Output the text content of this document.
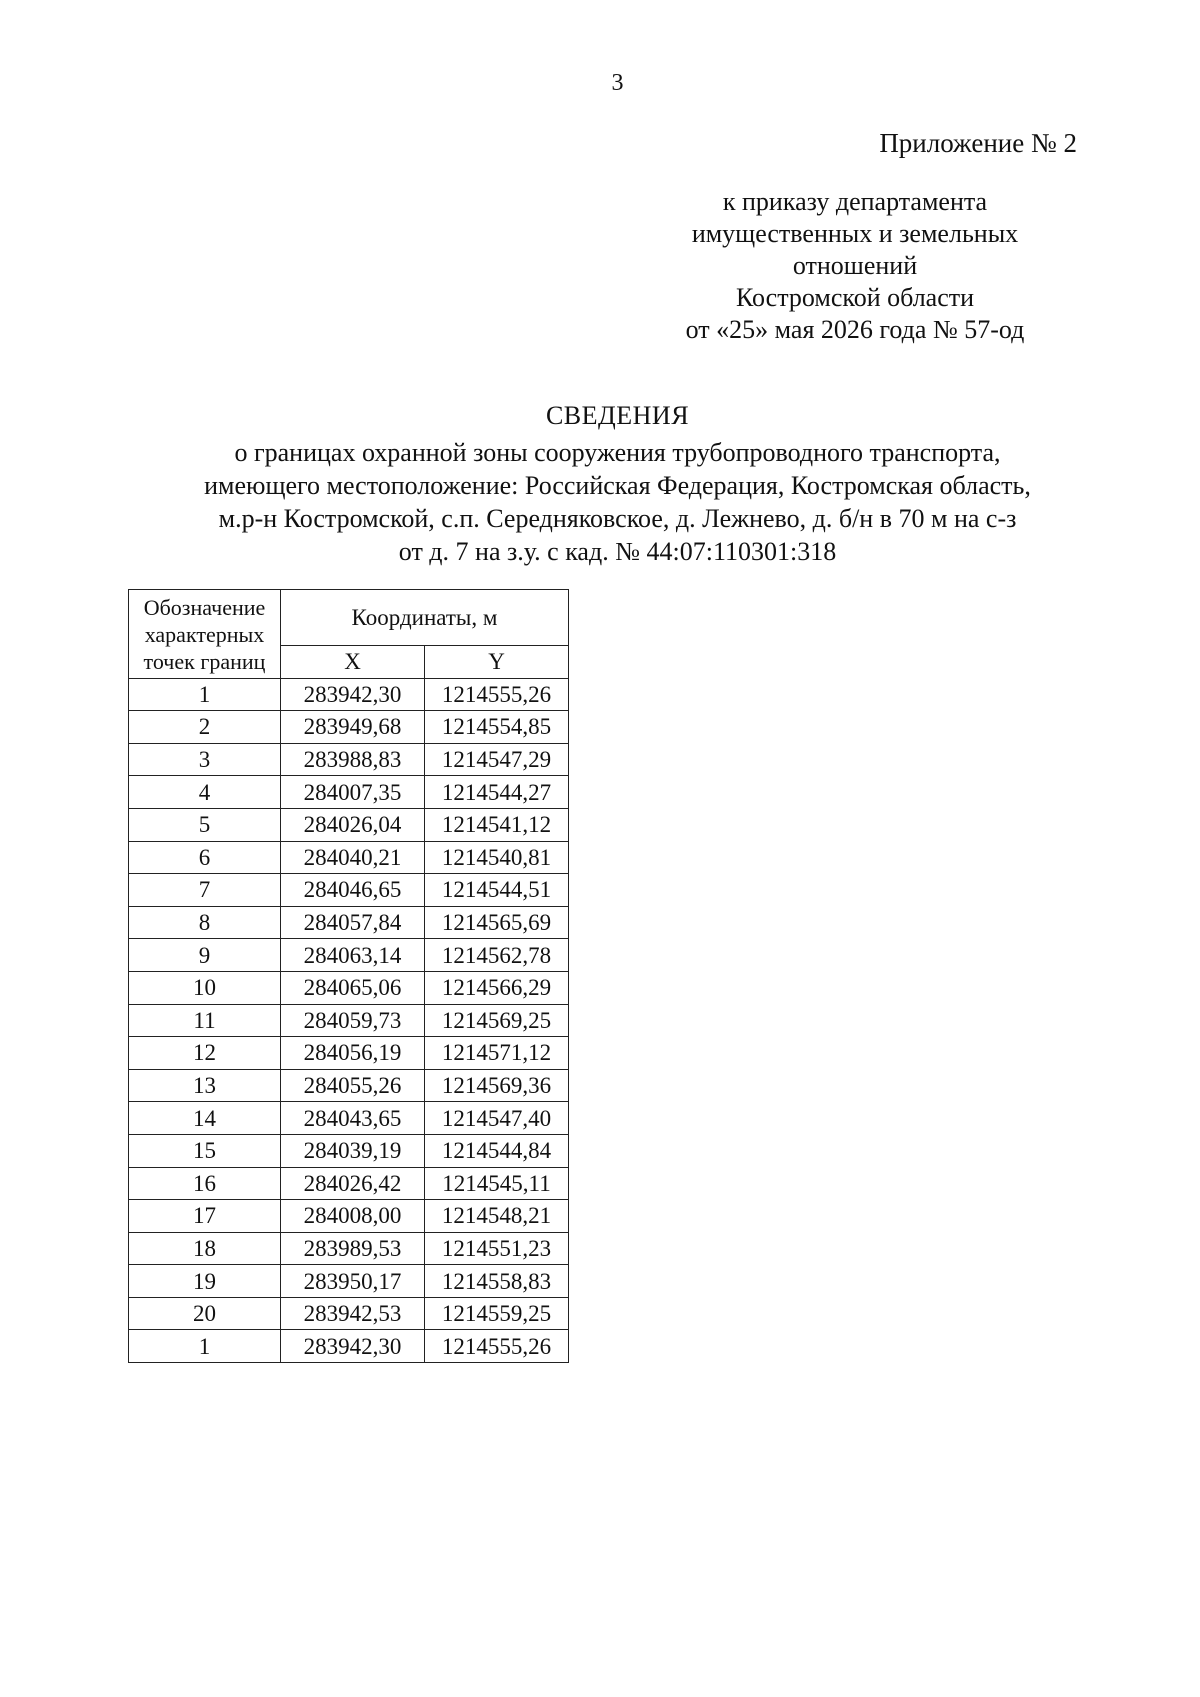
3
Приложение № 2
к приказу департамента
имущественных и земельных
отношений
Костромской области
от «25» мая 2026 года № 57-од
СВЕДЕНИЯ
о границах охранной зоны сооружения трубопроводного транспорта,
имеющего местоположение: Российская Федерация, Костромская область,
м.р-н Костромской, с.п. Середняковское, д. Лежнево, д. б/н в 70 м на с-з
от д. 7 на з.у. с кад. № 44:07:110301:318
Обозначение характерных точек границ	Координаты, м	
	X	Y
1	283942,30	1214555,26
2	283949,68	1214554,85
3	283988,83	1214547,29
4	284007,35	1214544,27
5	284026,04	1214541,12
6	284040,21	1214540,81
7	284046,65	1214544,51
8	284057,84	1214565,69
9	284063,14	1214562,78
10	284065,06	1214566,29
11	284059,73	1214569,25
12	284056,19	1214571,12
13	284055,26	1214569,36
14	284043,65	1214547,40
15	284039,19	1214544,84
16	284026,42	1214545,11
17	284008,00	1214548,21
18	283989,53	1214551,23
19	283950,17	1214558,83
20	283942,53	1214559,25
1	283942,30	1214555,26
